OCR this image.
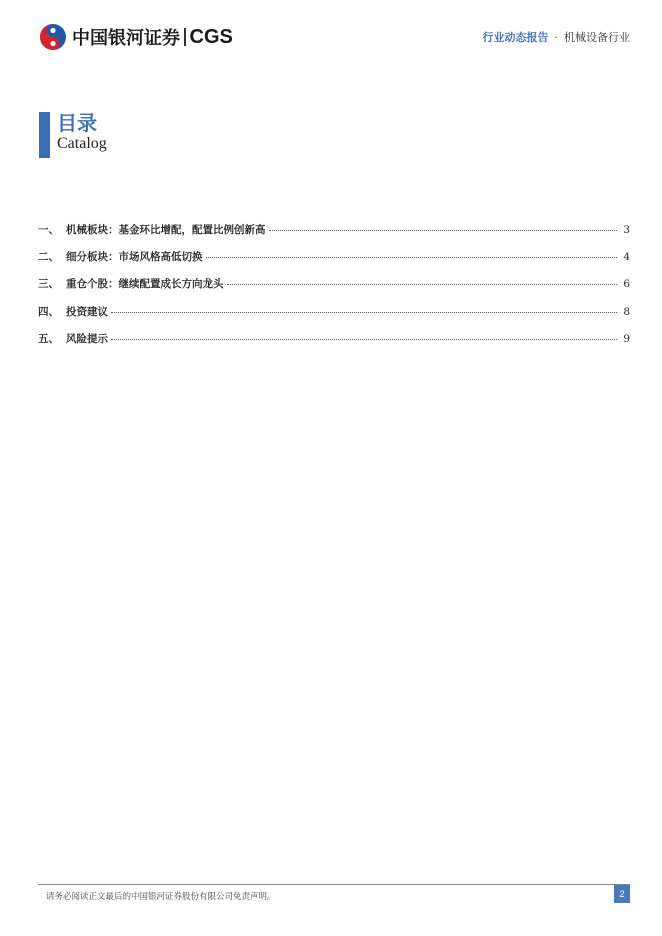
中国银河证券 CGS	行业动态报告 · 机械设备行业
目录
Catalog
一、 机械板块：基金环比增配，配置比例创新高	3
二、 细分板块：市场风格高低切换	4
三、 重仓个股：继续配置成长方向龙头	6
四、 投资建议	8
五、 风险提示	9
请务必阅读正文最后的中国银河证券股份有限公司免责声明。	2
